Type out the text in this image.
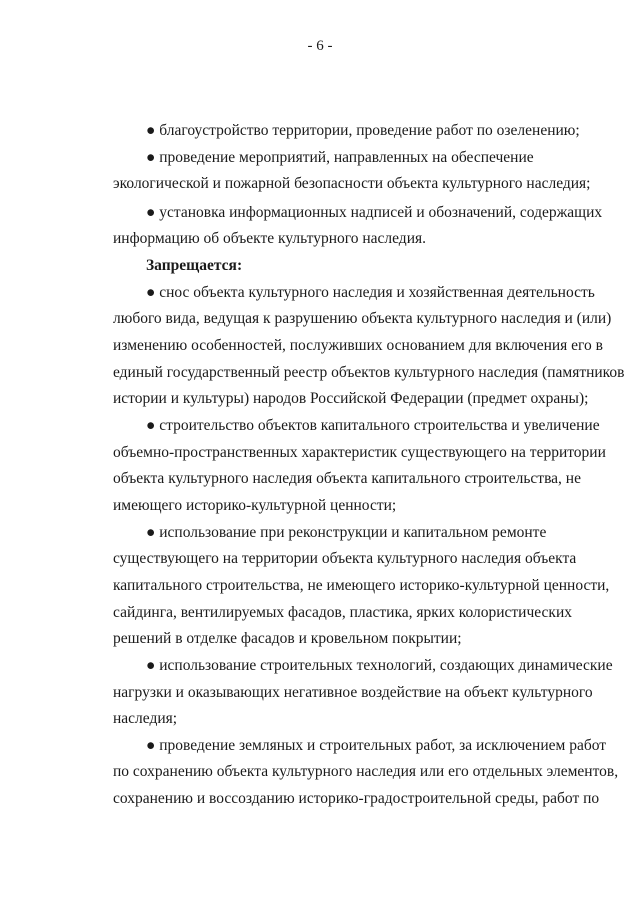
- 6 -
● благоустройство территории, проведение работ по озеленению;
● проведение мероприятий, направленных на обеспечение
экологической и пожарной безопасности объекта культурного наследия;
● установка информационных надписей и обозначений, содержащих
информацию об объекте культурного наследия.
Запрещается:
● снос объекта культурного наследия и хозяйственная деятельность
любого вида, ведущая к разрушению объекта культурного наследия и (или)
изменению особенностей, послуживших основанием для включения его в
единый государственный реестр объектов культурного наследия (памятников
истории и культуры) народов Российской Федерации (предмет охраны);
● строительство объектов капитального строительства и увеличение
объемно-пространственных характеристик существующего на территории
объекта культурного наследия объекта капитального строительства, не
имеющего историко-культурной ценности;
● использование при реконструкции и капитальном ремонте
существующего на территории объекта культурного наследия объекта
капитального строительства, не имеющего историко-культурной ценности,
сайдинга, вентилируемых фасадов, пластика, ярких колористических
решений в отделке фасадов и кровельном покрытии;
● использование строительных технологий, создающих динамические
нагрузки и оказывающих негативное воздействие на объект культурного
наследия;
● проведение земляных и строительных работ, за исключением работ
по сохранению объекта культурного наследия или его отдельных элементов,
сохранению и воссозданию историко-градостроительной среды, работ по
